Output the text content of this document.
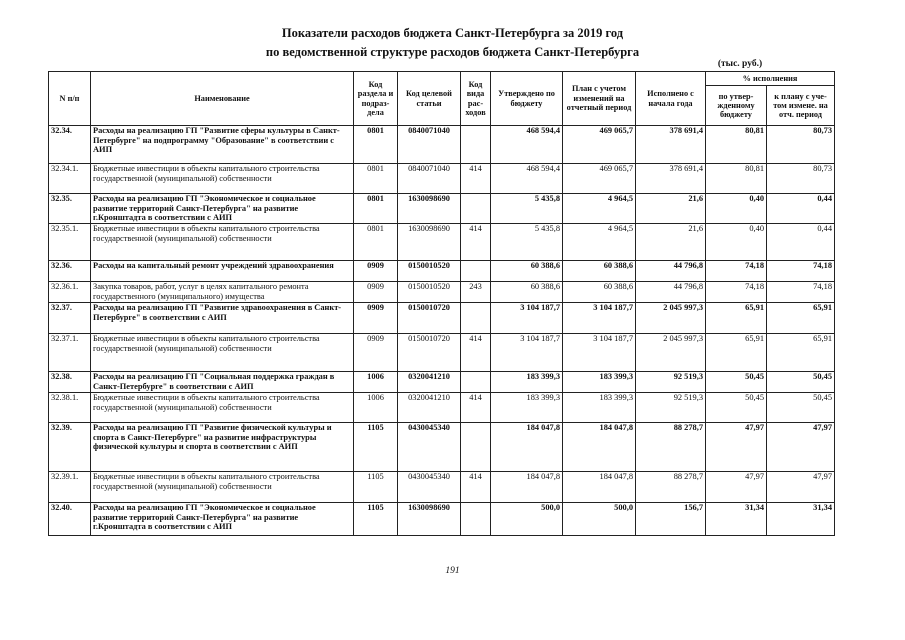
Показатели расходов бюджета Санкт-Петербурга за 2019 год
по ведомственной структуре расходов бюджета Санкт-Петербурга
(тыс. руб.)
N п/п	Наименование	Код раздела и подраз-дела	Код целевой статьи	Код вида рас-ходов	Утверждено по бюджету	План с учетом изменений на отчетный период	Исполнено с начала года	% исполнения	
								по утвер-жденному бюджету	к плану с уче-том измене. на отч. период
32.34.	Расходы на реализацию ГП "Развитие сферы культуры в Санкт-Петербурге" на подпрограмму "Образование" в соответствии с АИП	0801	0840071040		468 594,4	469 065,7	378 691,4	80,81	80,73
32.34.1.	Бюджетные инвестиции в объекты капитального строительства государственной (муниципальной) собственности	0801	0840071040	414	468 594,4	469 065,7	378 691,4	80,81	80,73
32.35.	Расходы на реализацию ГП "Экономическое и социальное развитие территорий Санкт-Петербурга" на развитие г.Кронштадта в соответствии с АИП	0801	1630098690		5 435,8	4 964,5	21,6	0,40	0,44
32.35.1.	Бюджетные инвестиции в объекты капитального строительства государственной (муниципальной) собственности	0801	1630098690	414	5 435,8	4 964,5	21,6	0,40	0,44
32.36.	Расходы на капитальный ремонт учреждений здравоохранения	0909	0150010520		60 388,6	60 388,6	44 796,8	74,18	74,18
32.36.1.	Закупка товаров, работ, услуг в целях капитального ремонта государственного (муниципального) имущества	0909	0150010520	243	60 388,6	60 388,6	44 796,8	74,18	74,18
32.37.	Расходы на реализацию ГП "Развитие здравоохранения в Санкт-Петербурге" в соответствии с АИП	0909	0150010720		3 104 187,7	3 104 187,7	2 045 997,3	65,91	65,91
32.37.1.	Бюджетные инвестиции в объекты капитального строительства государственной (муниципальной) собственности	0909	0150010720	414	3 104 187,7	3 104 187,7	2 045 997,3	65,91	65,91
32.38.	Расходы на реализацию ГП "Социальная поддержка граждан в Санкт-Петербурге" в соответствии с АИП	1006	0320041210		183 399,3	183 399,3	92 519,3	50,45	50,45
32.38.1.	Бюджетные инвестиции в объекты капитального строительства государственной (муниципальной) собственности	1006	0320041210	414	183 399,3	183 399,3	92 519,3	50,45	50,45
32.39.	Расходы на реализацию ГП "Развитие физической культуры и спорта в Санкт-Петербурге" на развитие инфраструктуры физической культуры и спорта в соответствии с АИП	1105	0430045340		184 047,8	184 047,8	88 278,7	47,97	47,97
32.39.1.	Бюджетные инвестиции в объекты капитального строительства государственной (муниципальной) собственности	1105	0430045340	414	184 047,8	184 047,8	88 278,7	47,97	47,97
32.40.	Расходы на реализацию ГП "Экономическое и социальное развитие территорий Санкт-Петербурга" на развитие г.Кронштадта в соответствии с АИП	1105	1630098690		500,0	500,0	156,7	31,34	31,34
191
